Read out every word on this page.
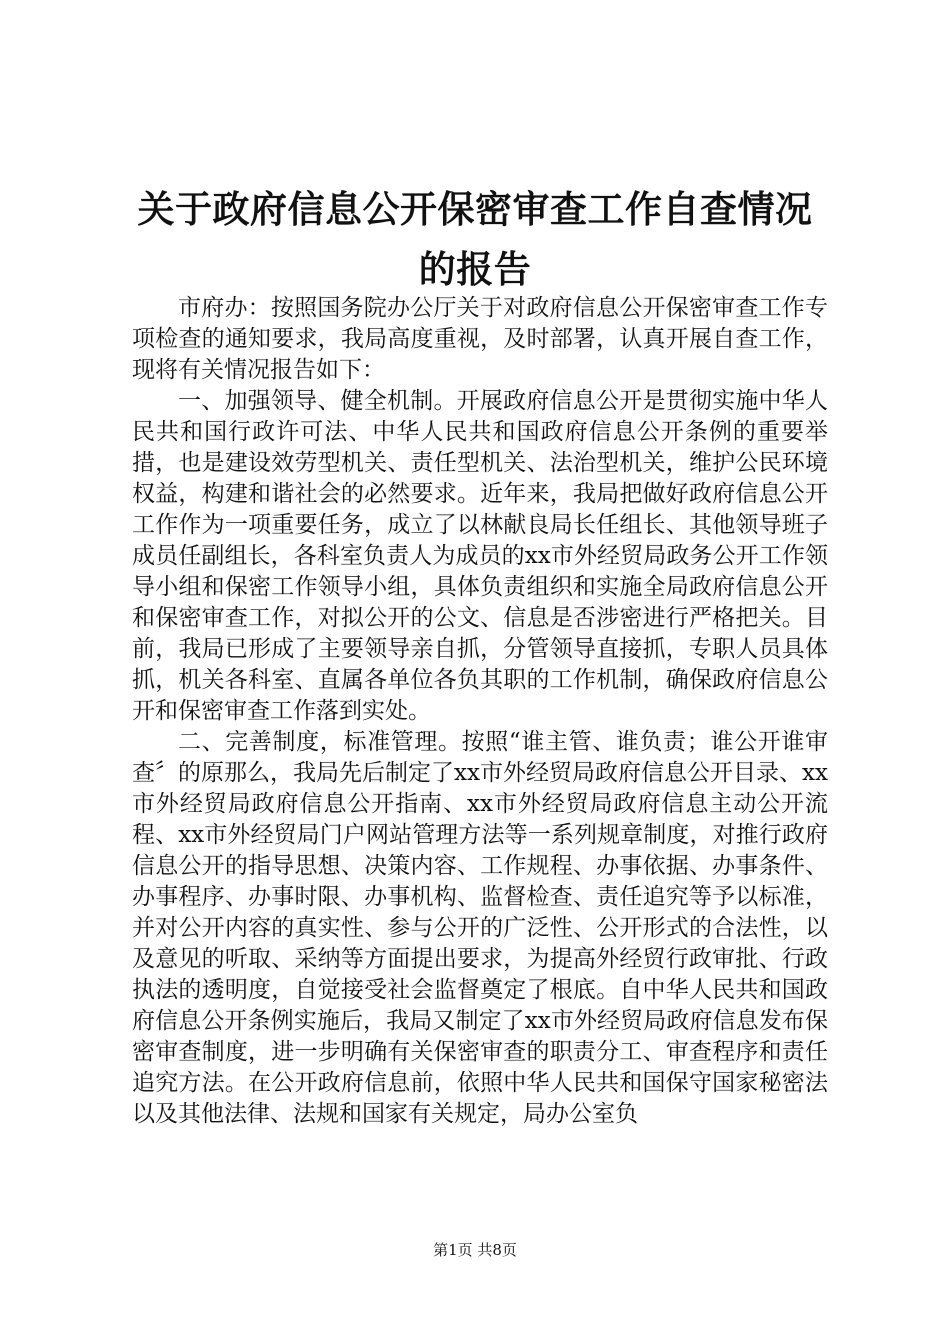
关于政府信息公开保密审查工作自查情况的报告

市府办：按照国务院办公厅关于对政府信息公开保密审查工作专项检查的通知要求，我局高度重视，及时部署，认真开展自查工作，现将有关情况报告如下：

一、加强领导、健全机制。开展政府信息公开是贯彻实施中华人民共和国行政许可法、中华人民共和国政府信息公开条例的重要举措，也是建设效劳型机关、责任型机关、法治型机关，维护公民环境权益，构建和谐社会的必然要求。近年来，我局把做好政府信息公开工作作为一项重要任务，成立了以林献良局长任组长、其他领导班子成员任副组长，各科室负责人为成员的xx市外经贸局政务公开工作领导小组和保密工作领导小组，具体负责组织和实施全局政府信息公开和保密审查工作，对拟公开的公文、信息是否涉密进行严格把关。目前，我局已形成了主要领导亲自抓，分管领导直接抓，专职人员具体抓，机关各科室、直属各单位各负其职的工作机制，确保政府信息公开和保密审查工作落到实处。

二、完善制度，标准管理。按照“谁主管、谁负责；谁公开谁审查〞的原那么，我局先后制定了xx市外经贸局政府信息公开目录、xx市外经贸局政府信息公开指南、xx市外经贸局政府信息主动公开流程、xx市外经贸局门户网站管理方法等一系列规章制度，对推行政府信息公开的指导思想、决策内容、工作规程、办事依据、办事条件、办事程序、办事时限、办事机构、监督检查、责任追究等予以标准，并对公开内容的真实性、参与公开的广泛性、公开形式的合法性，以及意见的听取、采纳等方面提出要求，为提高外经贸行政审批、行政执法的透明度，自觉接受社会监督奠定了根底。自中华人民共和国政府信息公开条例实施后，我局又制定了xx市外经贸局政府信息发布保密审查制度，进一步明确有关保密审查的职责分工、审查程序和责任追究方法。在公开政府信息前，依照中华人民共和国保守国家秘密法以及其他法律、法规和国家有关规定，局办公室负

第1页 共8页
